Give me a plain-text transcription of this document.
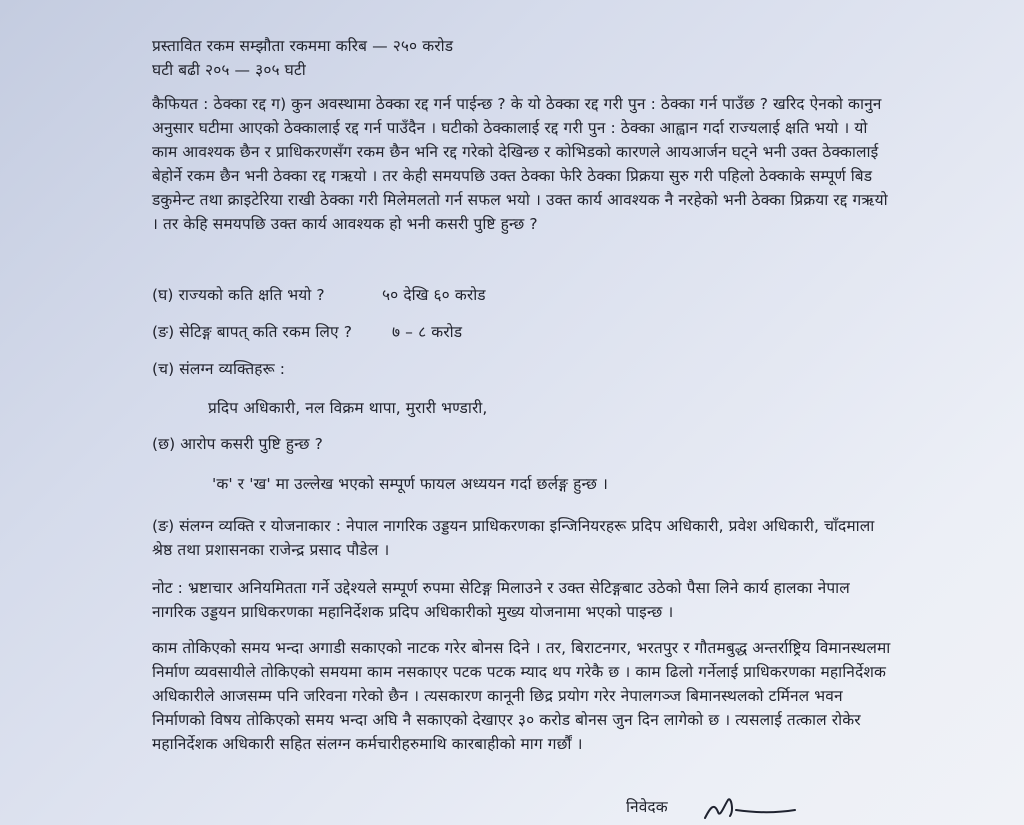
प्रस्तावित रकम सम्झौता रकममा करिब — २५० करोड
घटी बढी २०५ — ३०५ घटी
कैफियत : ठेक्का रद्द ग) कुन अवस्थामा ठेक्का रद्द गर्न पाईन्छ ? के यो ठेक्का रद्द गरी पुन : ठेक्का गर्न पाउँछ ? खरिद ऐनको कानुन अनुसार घटीमा आएको ठेक्कालाई रद्द गर्न पाउँदैन । घटीको ठेक्कालाई रद्द गरी पुन : ठेक्का आह्वान गर्दा राज्यलाई क्षति भयो । यो काम आवश्यक छैन र प्राधिकरणसँग रकम छैन भनि रद्द गरेको देखिन्छ र कोभिडको कारणले आयआर्जन घट्ने भनी उक्त ठेक्कालाई बेहोर्ने रकम छैन भनी ठेक्का रद्द गऋयो । तर केही समयपछि उक्त ठेक्का फेरि ठेक्का प्रिक्रया सुरु गरी पहिलो ठेक्काके सम्पूर्ण बिड डकुमेन्ट तथा क्राइटेरिया राखी ठेक्का गरी मिलेमलतो गर्न सफल भयो । उक्त कार्य आवश्यक नै नरहेको भनी ठेक्का प्रिक्रया रद्द गऋयो । तर केहि समयपछि उक्त कार्य आवश्यक हो भनी कसरी पुष्टि हुन्छ ?
(घ) राज्यको कति क्षति भयो ?	५० देखि ६० करोड
(ङ) सेटिङ्ग बापत् कति रकम लिए ?	७ – ८ करोड
(च) संलग्न व्यक्तिहरू :
प्रदिप अधिकारी, नल विक्रम थापा, मुरारी भण्डारी,
(छ) आरोप कसरी पुष्टि हुन्छ ?
'क' र 'ख' मा उल्लेख भएको सम्पूर्ण फायल अध्ययन गर्दा छर्लङ्ग हुन्छ ।
(ङ) संलग्न व्यक्ति र योजनाकार : नेपाल नागरिक उड्डयन प्राधिकरणका इन्जिनियरहरू प्रदिप अधिकारी, प्रवेश अधिकारी, चाँदमाला श्रेष्ठ तथा प्रशासनका राजेन्द्र प्रसाद पौडेल ।
नोट : भ्रष्टाचार अनियमितता गर्ने उद्देश्यले सम्पूर्ण रुपमा सेटिङ्ग मिलाउने र उक्त सेटिङ्गबाट उठेको पैसा लिने कार्य हालका नेपाल नागरिक उड्डयन प्राधिकरणका महानिर्देशक प्रदिप अधिकारीको मुख्य योजनामा भएको पाइन्छ ।
काम तोकिएको समय भन्दा अगाडी सकाएको नाटक गरेर बोनस दिने । तर, बिराटनगर, भरतपुर र गौतमबुद्ध अन्तर्राष्ट्रिय विमानस्थलमा निर्माण व्यवसायीले तोकिएको समयमा काम नसकाएर पटक पटक म्याद थप गरेकै छ । काम ढिलो गर्नेलाई प्राधिकरणका महानिर्देशक अधिकारीले आजसम्म पनि जरिवना गरेको छैन । त्यसकारण कानूनी छिद्र प्रयोग गरेर नेपालगञ्ज बिमानस्थलको टर्मिनल भवन निर्माणको विषय तोकिएको समय भन्दा अघि नै सकाएको देखाएर ३० करोड बोनस जुन दिन लागेको छ । त्यसलाई तत्काल रोकेर महानिर्देशक अधिकारी सहित संलग्न कर्मचारीहरुमाथि कारबाहीको माग गर्छौं ।
निवेदक
